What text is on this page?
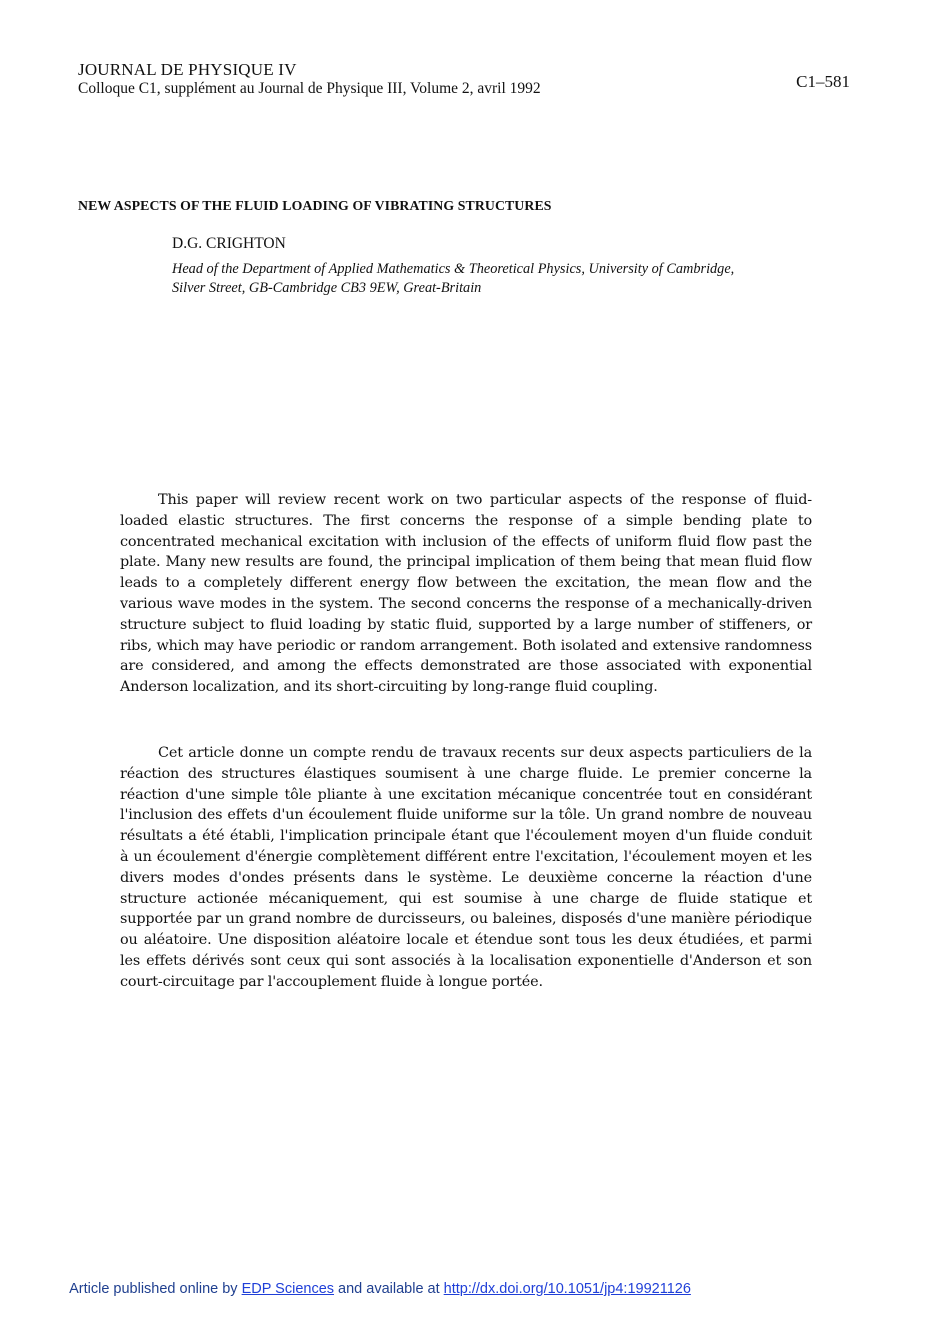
JOURNAL DE PHYSIQUE IV
Colloque C1, supplément au Journal de Physique III, Volume 2, avril 1992	C1–581
NEW ASPECTS OF THE FLUID LOADING OF VIBRATING STRUCTURES
D.G. CRIGHTON
Head of the Department of Applied Mathematics & Theoretical Physics, University of Cambridge,
Silver Street, GB-Cambridge CB3 9EW, Great-Britain

This paper will review recent work on two particular aspects of the response of fluid-loaded elastic structures. The first concerns the response of a simple bending plate to concentrated mechanical excitation with inclusion of the effects of uniform fluid flow past the plate. Many new results are found, the principal implication of them being that mean fluid flow leads to a completely different energy flow between the excitation, the mean flow and the various wave modes in the system. The second concerns the response of a mechanically-driven structure subject to fluid loading by static fluid, supported by a large number of stiffeners, or ribs, which may have periodic or random arrangement. Both isolated and extensive randomness are considered, and among the effects demonstrated are those associated with exponential Anderson localization, and its short-circuiting by long-range fluid coupling.

Cet article donne un compte rendu de travaux recents sur deux aspects particuliers de la réaction des structures élastiques soumisent à une charge fluide. Le premier concerne la réaction d'une simple tôle pliante à une excitation mécanique concentrée tout en considérant l'inclusion des effets d'un écoulement fluide uniforme sur la tôle. Un grand nombre de nouveau résultats a été établi, l'implication principale étant que l'écoulement moyen d'un fluide conduit à un écoulement d'énergie complètement différent entre l'excitation, l'écoulement moyen et les divers modes d'ondes présents dans le système. Le deuxième concerne la réaction d'une structure actionée mécaniquement, qui est soumise à une charge de fluide statique et supportée par un grand nombre de durcisseurs, ou baleines, disposés d'une manière périodique ou aléatoire. Une disposition aléatoire locale et étendue sont tous les deux étudiées, et parmi les effets dérivés sont ceux qui sont associés à la localisation exponentielle d'Anderson et son court-circuitage par l'accouplement fluide à longue portée.

Article published online by EDP Sciences and available at http://dx.doi.org/10.1051/jp4:19921126
